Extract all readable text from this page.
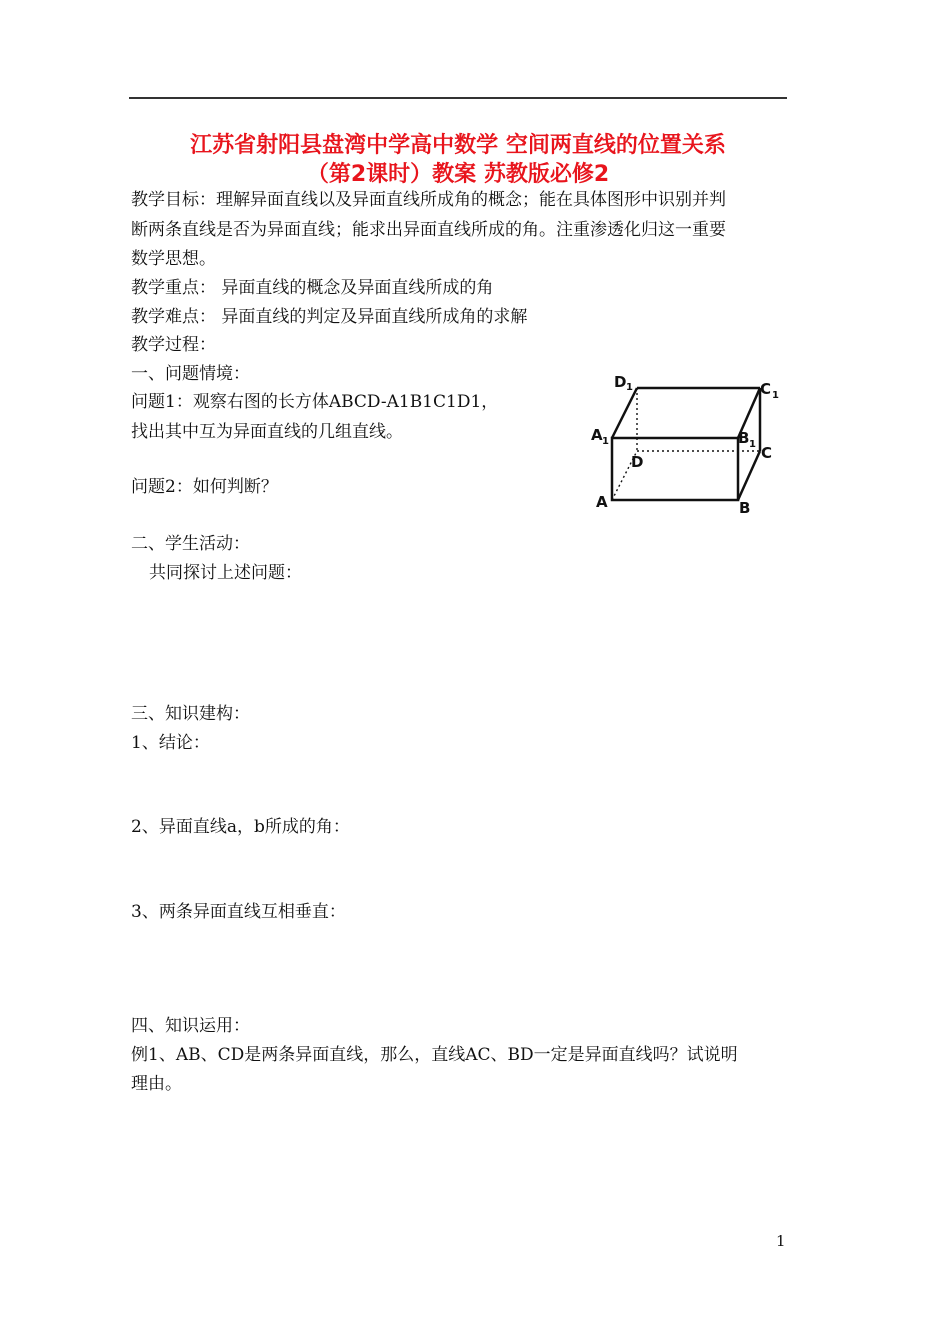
江苏省射阳县盘湾中学高中数学 空间两直线的位置关系
（第2课时）教案 苏教版必修2
教学目标：理解异面直线以及异面直线所成角的概念；能在具体图形中识别并判
断两条直线是否为异面直线；能求出异面直线所成的角。注重渗透化归这一重要
数学思想。
教学重点： 异面直线的概念及异面直线所成的角
教学难点： 异面直线的判定及异面直线所成角的求解
教学过程：
一、问题情境：
问题1：观察右图的长方体ABCD-A1B1C1D1，
找出其中互为异面直线的几组直线。
问题2：如何判断？
二、学生活动：
共同探讨上述问题：
三、知识建构：
1、结论：
2、异面直线a，b所成的角：
3、两条异面直线互相垂直：
四、知识运用：
例1、AB、CD是两条异面直线，那么，直线AC、BD一定是异面直线吗？试说明
理由。
D 1	C 1
A 1	B 1
D	C
A	B
1
